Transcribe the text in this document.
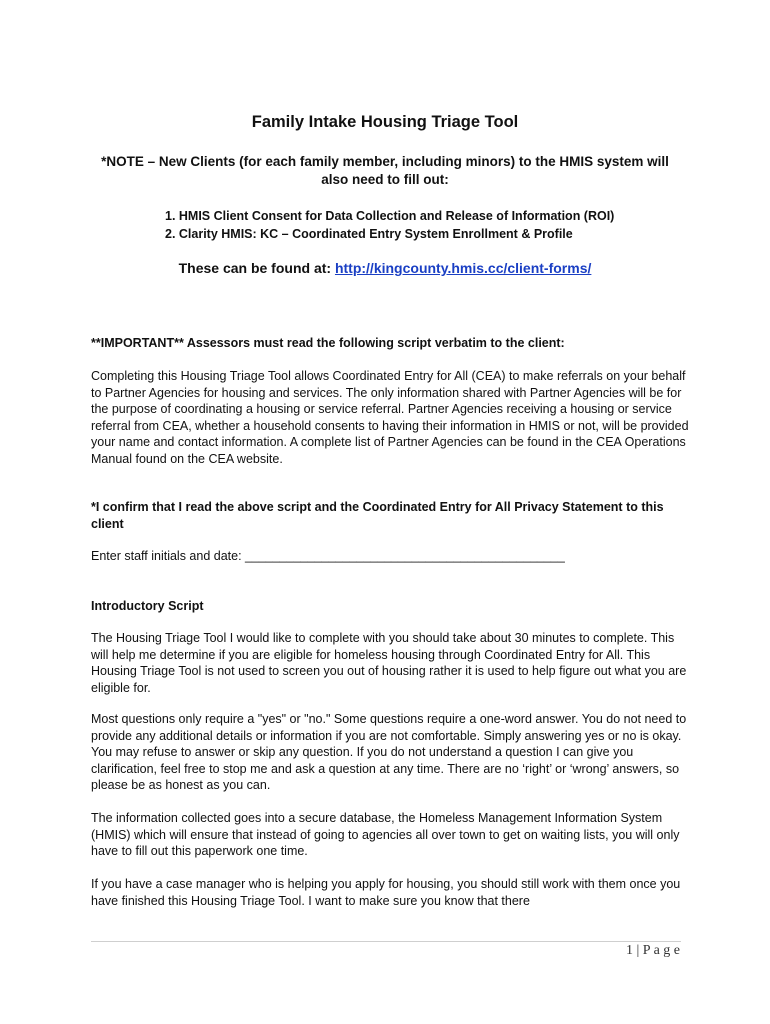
Family Intake Housing Triage Tool
*NOTE – New Clients (for each family member, including minors) to the HMIS system will also need to fill out:
1. HMIS Client Consent for Data Collection and Release of Information (ROI)
2. Clarity HMIS: KC – Coordinated Entry System Enrollment & Profile
These can be found at: http://kingcounty.hmis.cc/client-forms/
**IMPORTANT** Assessors must read the following script verbatim to the client:
Completing this Housing Triage Tool allows Coordinated Entry for All (CEA) to make referrals on your behalf to Partner Agencies for housing and services. The only information shared with Partner Agencies will be for the purpose of coordinating a housing or service referral. Partner Agencies receiving a housing or service referral from CEA, whether a household consents to having their information in HMIS or not, will be provided your name and contact information. A complete list of Partner Agencies can be found in the CEA Operations Manual found on the CEA website.
*I confirm that I read the above script and the Coordinated Entry for All Privacy Statement to this client
Enter staff initials and date: ______________________________________________
Introductory Script
The Housing Triage Tool I would like to complete with you should take about 30 minutes to complete. This will help me determine if you are eligible for homeless housing through Coordinated Entry for All. This Housing Triage Tool is not used to screen you out of housing rather it is used to help figure out what you are eligible for.
Most questions only require a "yes" or "no." Some questions require a one-word answer. You do not need to provide any additional details or information if you are not comfortable. Simply answering yes or no is okay. You may refuse to answer or skip any question. If you do not understand a question I can give you clarification, feel free to stop me and ask a question at any time. There are no ‘right’ or ‘wrong’ answers, so please be as honest as you can.
The information collected goes into a secure database, the Homeless Management Information System (HMIS) which will ensure that instead of going to agencies all over town to get on waiting lists, you will only have to fill out this paperwork one time.
If you have a case manager who is helping you apply for housing, you should still work with them once you have finished this Housing Triage Tool. I want to make sure you know that there
1 | P a g e
